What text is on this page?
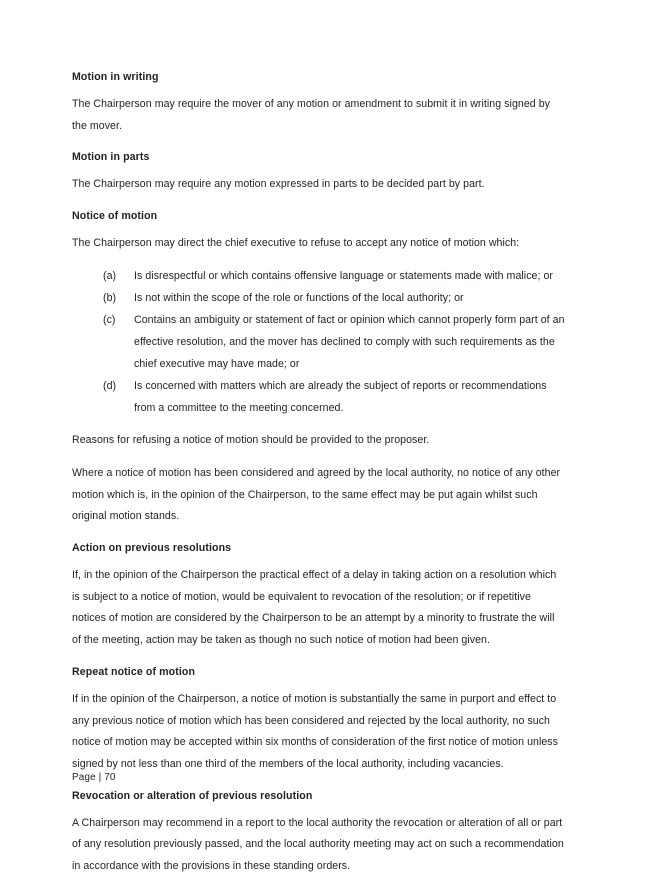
Motion in writing

The Chairperson may require the mover of any motion or amendment to submit it in writing signed by the mover.

Motion in parts

The Chairperson may require any motion expressed in parts to be decided part by part.

Notice of motion

The Chairperson may direct the chief executive to refuse to accept any notice of motion which:

(a)	Is disrespectful or which contains offensive language or statements made with malice; or
(b)	Is not within the scope of the role or functions of the local authority; or
(c)	Contains an ambiguity or statement of fact or opinion which cannot properly form part of an effective resolution, and the mover has declined to comply with such requirements as the chief executive may have made; or
(d)	Is concerned with matters which are already the subject of reports or recommendations from a committee to the meeting concerned.

Reasons for refusing a notice of motion should be provided to the proposer.

Where a notice of motion has been considered and agreed by the local authority, no notice of any other motion which is, in the opinion of the Chairperson, to the same effect may be put again whilst such original motion stands.

Action on previous resolutions

If, in the opinion of the Chairperson the practical effect of a delay in taking action on a resolution which is subject to a notice of motion, would be equivalent to revocation of the resolution; or if repetitive notices of motion are considered by the Chairperson to be an attempt by a minority to frustrate the will of the meeting, action may be taken as though no such notice of motion had been given.

Repeat notice of motion

If in the opinion of the Chairperson, a notice of motion is substantially the same in purport and effect to any previous notice of motion which has been considered and rejected by the local authority, no such notice of motion may be accepted within six months of consideration of the first notice of motion unless signed by not less than one third of the members of the local authority, including vacancies.

Revocation or alteration of previous resolution

A Chairperson may recommend in a report to the local authority the revocation or alteration of all or part of any resolution previously passed, and the local authority meeting may act on such a recommendation in accordance with the provisions in these standing orders.

Page | 70
